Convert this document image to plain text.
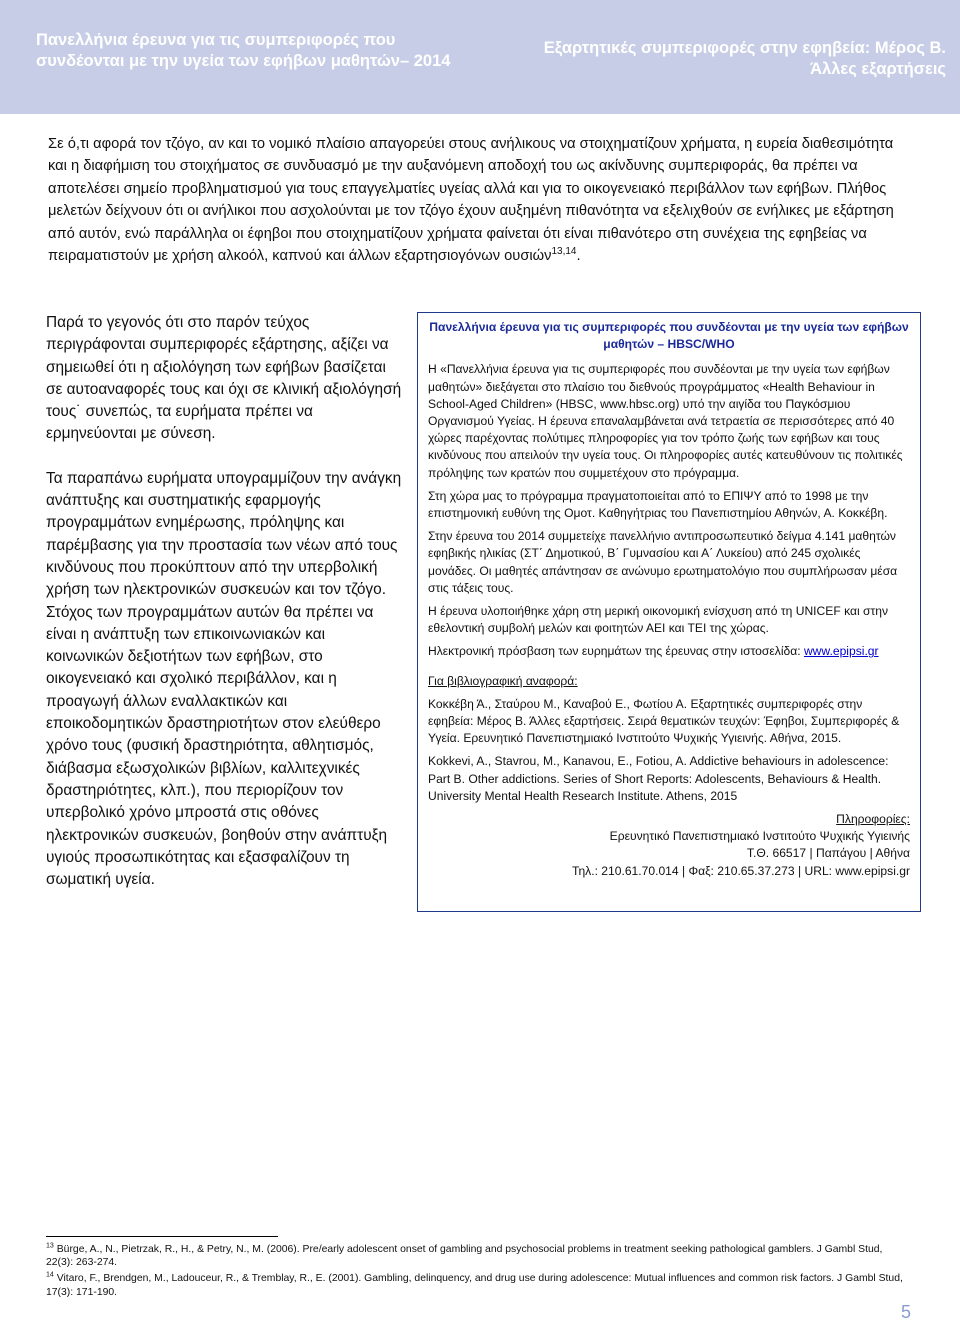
Πανελλήνια έρευνα για τις συμπεριφορές που συνδέονται με την υγεία των εφήβων μαθητών– 2014
Εξαρτητικές συμπεριφορές στην εφηβεία: Μέρος Β. Άλλες εξαρτήσεις

Σε ό,τι αφορά τον τζόγο, αν και το νομικό πλαίσιο απαγορεύει στους ανήλικους να στοιχηματίζουν χρήματα, η ευρεία διαθεσιμότητα και η διαφήμιση του στοιχήματος σε συνδυασμό με την αυξανόμενη αποδοχή του ως ακίνδυνης συμπεριφοράς, θα πρέπει να αποτελέσει σημείο προβληματισμού για τους επαγγελματίες υγείας αλλά και για το οικογενειακό περιβάλλον των εφήβων. Πλήθος μελετών δείχνουν ότι οι ανήλικοι που ασχολούνται με τον τζόγο έχουν αυξημένη πιθανότητα να εξελιχθούν σε ενήλικες με εξάρτηση από αυτόν, ενώ παράλληλα οι έφηβοι που στοιχηματίζουν χρήματα φαίνεται ότι είναι πιθανότερο στη συνέχεια της εφηβείας να πειραματιστούν με χρήση αλκοόλ, καπνού και άλλων εξαρτησιογόνων ουσιών$^{13,14}$.

Παρά το γεγονός ότι στο παρόν τεύχος περιγράφονται συμπεριφορές εξάρτησης, αξίζει να σημειωθεί ότι η αξιολόγηση των εφήβων βασίζεται σε αυτοαναφορές τους και όχι σε κλινική αξιολόγησή τους˙ συνεπώς, τα ευρήματα πρέπει να ερμηνεύονται με σύνεση.

Τα παραπάνω ευρήματα υπογραμμίζουν την ανάγκη ανάπτυξης και συστηματικής εφαρμογής προγραμμάτων ενημέρωσης, πρόληψης και παρέμβασης για την προστασία των νέων από τους κινδύνους που προκύπτουν από την υπερβολική χρήση των ηλεκτρονικών συσκευών και τον τζόγο. Στόχος των προγραμμάτων αυτών θα πρέπει να είναι η ανάπτυξη των επικοινωνιακών και κοινωνικών δεξιοτήτων των εφήβων, στο οικογενειακό και σχολικό περιβάλλον, και η προαγωγή άλλων εναλλακτικών και εποικοδομητικών δραστηριοτήτων στον ελεύθερο χρόνο τους (φυσική δραστηριότητα, αθλητισμός, διάβασμα εξωσχολικών βιβλίων, καλλιτεχνικές δραστηριότητες, κλπ.), που περιορίζουν τον υπερβολικό χρόνο μπροστά στις οθόνες ηλεκτρονικών συσκευών, βοηθούν στην ανάπτυξη υγιούς προσωπικότητας και εξασφαλίζουν τη σωματική υγεία.

Πανελλήνια έρευνα για τις συμπεριφορές που συνδέονται με την υγεία των εφήβων μαθητών – HBSC/WHO

Η «Πανελλήνια έρευνα για τις συμπεριφορές που συνδέονται με την υγεία των εφήβων μαθητών» διεξάγεται στο πλαίσιο του διεθνούς προγράμματος «Health Behaviour in School-Aged Children» (HBSC, www.hbsc.org) υπό την αιγίδα του Παγκόσμιου Οργανισμού Υγείας. Η έρευνα επαναλαμβάνεται ανά τετραετία σε περισσότερες από 40 χώρες παρέχοντας πολύτιμες πληροφορίες για τον τρόπο ζωής των εφήβων και τους κινδύνους που απειλούν την υγεία τους. Οι πληροφορίες αυτές κατευθύνουν τις πολιτικές πρόληψης των κρατών που συμμετέχουν στο πρόγραμμα.

Στη χώρα μας το πρόγραμμα πραγματοποιείται από το ΕΠΙΨΥ από το 1998 με την επιστημονική ευθύνη της Ομοτ. Καθηγήτριας του Πανεπιστημίου Αθηνών, Α. Κοκκέβη.

Στην έρευνα του 2014 συμμετείχε πανελλήνιο αντιπροσωπευτικό δείγμα 4.141 μαθητών εφηβικής ηλικίας (ΣΤ΄ Δημοτικού, Β΄ Γυμνασίου και Α΄ Λυκείου) από 245 σχολικές μονάδες. Οι μαθητές απάντησαν σε ανώνυμο ερωτηματολόγιο που συμπλήρωσαν μέσα στις τάξεις τους.

Η έρευνα υλοποιήθηκε χάρη στη μερική οικονομική ενίσχυση από τη UNICEF και στην εθελοντική συμβολή μελών και φοιτητών ΑΕΙ και ΤΕΙ της χώρας.

Ηλεκτρονική πρόσβαση των ευρημάτων της έρευνας στην ιστοσελίδα: www.epipsi.gr

Για βιβλιογραφική αναφορά:

Κοκκέβη Ά., Σταύρου Μ., Καναβού Ε., Φωτίου Α. Εξαρτητικές συμπεριφορές στην εφηβεία: Μέρος Β. Άλλες εξαρτήσεις. Σειρά θεματικών τευχών: Έφηβοι, Συμπεριφορές & Υγεία. Ερευνητικό Πανεπιστημιακό Ινστιτούτο Ψυχικής Υγιεινής. Αθήνα, 2015.

Kokkevi, A., Stavrou, M., Kanavou, E., Fotiou, A. Addictive behaviours in adolescence: Part B. Other addictions. Series of Short Reports: Adolescents, Behaviours & Health. University Mental Health Research Institute. Athens, 2015

Πληροφορίες:

Ερευνητικό Πανεπιστημιακό Ινστιτούτο Ψυχικής Υγιεινής

Τ.Θ. 66517 | Παπάγου | Αθήνα

Τηλ.: 210.61.70.014 | Φαξ: 210.65.37.273 | URL: www.epipsi.gr

$^{13}$ Bürge, A., N., Pietrzak, R., H., & Petry, N., M. (2006). Pre/early adolescent onset of gambling and psychosocial problems in treatment seeking pathological gamblers. J Gambl Stud, 22(3): 263-274.

$^{14}$ Vitaro, F., Brendgen, M., Ladouceur, R., & Tremblay, R., E. (2001). Gambling, delinquency, and drug use during adolescence: Mutual influences and common risk factors. J Gambl Stud, 17(3): 171-190.

5
